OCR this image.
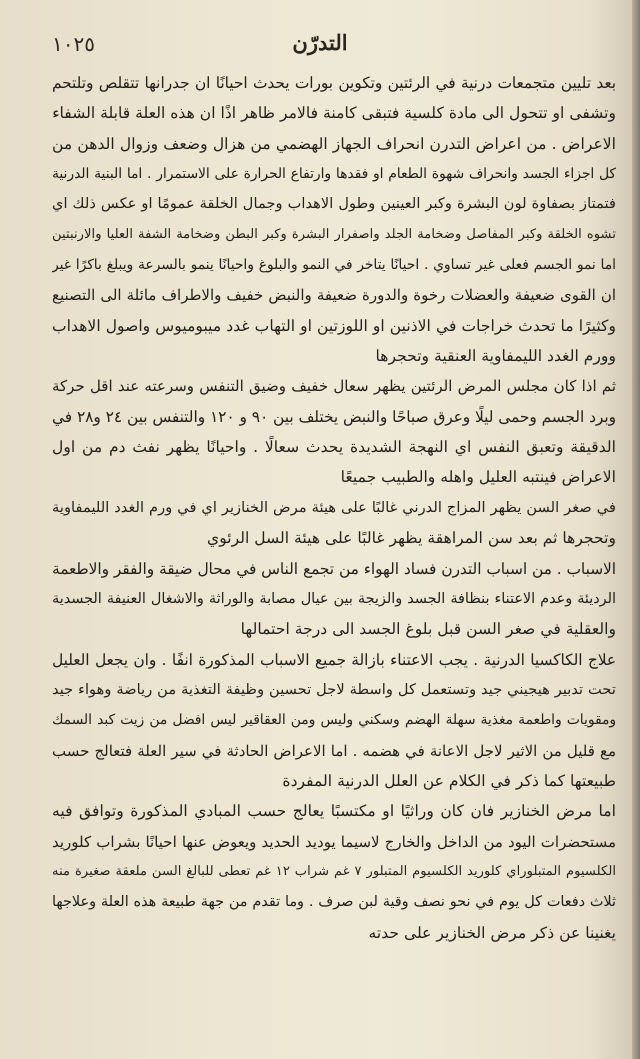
١٠٢٥	التدرّن
بعد تليين متجمعات درنية في الرئتين وتكوين بورات يحدث احيانًا ان جدرانها تتقلص وتلتحم
وتشفى او تتحول الى مادة كلسية فتبقى كامنة فالامر ظاهر اذًا ان هذه العلة قابلة الشفاء
الاعراض . من اعراض التدرن انحراف الجهاز الهضمي من هزال وضعف وزوال الدهن من
كل اجزاء الجسد وانحراف شهوة الطعام او فقدها وارتفاع الحرارة على الاستمرار . اما البنية الدرنية
فتمتاز بصفاوة لون البشرة وكبر العينين وطول الاهداب وجمال الخلقة عمومًا او عكس ذلك اي
تشوه الخلقة وكبر المفاصل وضخامة الجلد واصفرار البشرة وكبر البطن وضخامة الشفة العليا والارنبتين
اما نمو الجسم فعلى غير تساوي . احيانًا يتاخر في النمو والبلوغ واحيانًا ينمو بالسرعة ويبلغ باكرًا غير
ان القوى ضعيفة والعضلات رخوة والدورة ضعيفة والنبض خفيف والاطراف مائلة الى التصنيع
وكثيرًا ما تحدث خراجات في الاذنين او اللوزتين او التهاب غدد ميبوميوس واصول الاهداب
وورم الغدد الليمفاوية العنقية وتحجرها
ثم اذا كان مجلس المرض الرئتين يظهر سعال خفيف وضيق التنفس وسرعته عند اقل حركة
وبرد الجسم وحمى ليلًا وعرق صباحًا والنبض يختلف بين ٩٠ و ١٢٠ والتنفس بين ٢٤ و٢٨ في
الدقيقة وتعبق النفس اي النهجة الشديدة يحدث سعالًا . واحيانًا يظهر نفث دم من اول
الاعراض فينتبه العليل واهله والطبيب جميعًا
في صغر السن يظهر المزاج الدرني غالبًا على هيئة مرض الخنازير اي في ورم الغدد الليمفاوية
وتحجرها ثم بعد سن المراهقة يظهر غالبًا على هيئة السل الرئوي
الاسباب . من اسباب التدرن فساد الهواء من تجمع الناس في محال ضيقة والفقر والاطعمة
الرديئة وعدم الاعتناء بنظافة الجسد والزيجة بين عيال مصابة والوراثة والاشغال العنيفة الجسدية
والعقلية في صغر السن قبل بلوغ الجسد الى درجة احتمالها
علاج الكاكسيا الدرنية . يجب الاعتناء بازالة جميع الاسباب المذكورة انفًا . وان يجعل العليل
تحت تدبير هيجيني جيد وتستعمل كل واسطة لاجل تحسين وظيفة التغذية من رياضة وهواء جيد
ومقويات واطعمة مغذية سهلة الهضم وسكني وليس ومن العقاقير ليس افضل من زيت كبد السمك
مع قليل من الاثير لاجل الاعانة في هضمه . اما الاعراض الحادثة في سير العلة فتعالج حسب
طبيعتها كما ذكر في الكلام عن العلل الدرنية المفردة
اما مرض الخنازير فان كان وراثيًا او مكتسبًا يعالج حسب المبادي المذكورة وتوافق فيه
مستحضرات اليود من الداخل والخارج لاسيما يوديد الحديد ويعوض عنها احيانًا بشراب كلوريد
الكلسيوم المتبلوراي كلوريد الكلسيوم المتبلور ٧ غم شراب ١٢ غم تعطى للبالغ السن ملعقة صغيرة منه
ثلاث دفعات كل يوم في نحو نصف وقية لبن صرف . وما تقدم من جهة طبيعة هذه العلة وعلاجها
يغنينا عن ذكر مرض الخنازير على حدته
